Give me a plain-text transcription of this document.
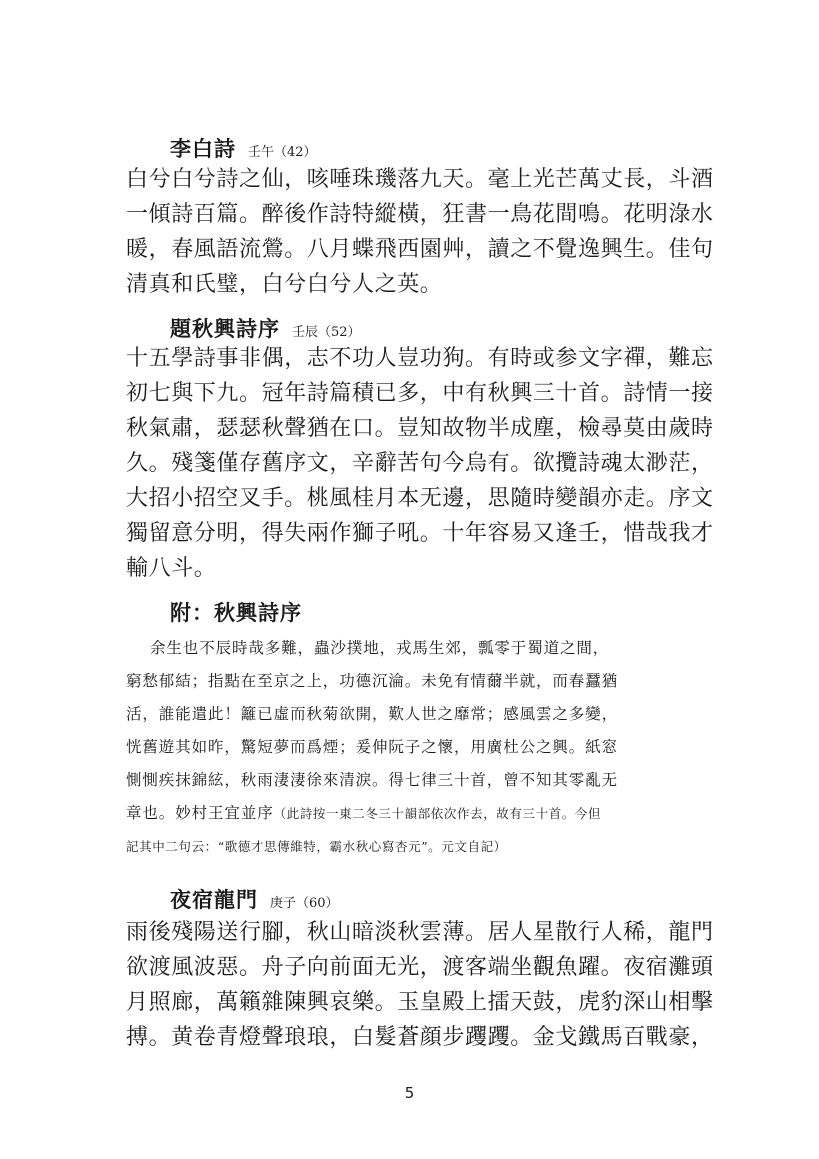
李白詩 壬午（42）
白兮白兮詩之仙，咳唾珠璣落九天。毫上光芒萬丈長，斗酒
一傾詩百篇。醉後作詩特縱橫，狂書一鳥花間鳴。花明淥水
暖，春風語流鶯。八月蝶飛西園艸，讀之不覺逸興生。佳句
清真和氏璧，白兮白兮人之英。
題秋興詩序 壬辰（52）
十五學詩事非偶，志不功人豈功狗。有時或参文字禪，難忘
初七與下九。冠年詩篇積已多，中有秋興三十首。詩情一接
秋氣肅，瑟瑟秋聲猶在口。豈知故物半成塵，檢尋莫由歲時
久。殘箋僅存舊序文，辛辭苦句今烏有。欲攬詩魂太渺茫，
大招小招空叉手。桃風桂月本无邊，思隨時變韻亦走。序文
獨留意分明，得失兩作獅子吼。十年容易又逢壬，惜哉我才
輸八斗。
附：秋興詩序
余生也不辰時哉多難，蟲沙撲地，戎馬生郊，瓢零于蜀道之間，
窮愁郁結；指點在至京之上，功德沉淪。未免有情薾半就，而春蠶猶
活，誰能遣此！籬已虛而秋菊欲開，歎人世之靡常；感風雲之多變，
恍舊遊其如昨，驚短夢而爲煙；爰伸阮子之懷，用廣杜公之興。紙窓
惻惻疾抹錦絃，秋雨淒淒徐來清淚。得七律三十首，曾不知其零亂无
章也。妙村王宜並序（此詩按一東二冬三十韻部依次作去，故有三十首。今但
記其中二句云：“歌德才思傳維特，霸水秋心寫杏元”。元文自記）
夜宿龍門 庚子（60）
雨後殘陽送行腳，秋山暗淡秋雲薄。居人星散行人稀，龍門
欲渡風波惡。舟子向前面无光，渡客端坐觀魚躍。夜宿灘頭
月照廊，萬籟雜陳興哀樂。玉皇殿上擂天鼓，虎豹深山相擊
搏。黄卷青燈聲琅琅，白髮蒼顔步躩躩。金戈鐵馬百戰豪，
5
